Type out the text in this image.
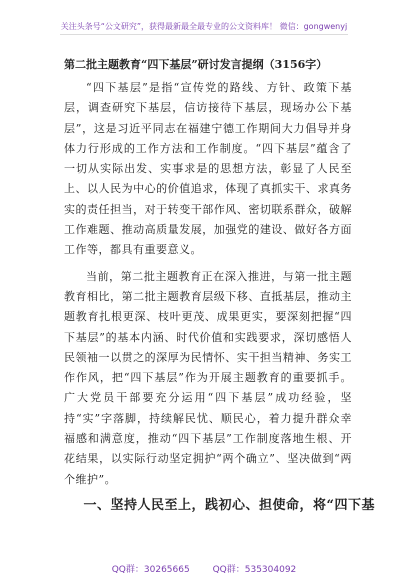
关注头条号“公文研究”，获得最新最全最专业的公文资料库！ 微信：gongwenyj
第二批主题教育“四下基层”研讨发言提纲（3156字）

“四下基层”是指“宣传党的路线、方针、政策下基层，调查研究下基层，信访接待下基层，现场办公下基层”，这是习近平同志在福建宁德工作期间大力倡导并身体力行形成的工作方法和工作制度。“四下基层”蕴含了一切从实际出发、实事求是的思想方法，彰显了人民至上、以人民为中心的价值追求，体现了真抓实干、求真务实的责任担当，对于转变干部作风、密切联系群众，破解工作难题、推动高质量发展，加强党的建设、做好各方面工作等，都具有重要意义。

当前，第二批主题教育正在深入推进，与第一批主题教育相比，第二批主题教育层级下移、直抵基层，推动主题教育扎根更深、枝叶更茂、成果更实，要深刻把握“四下基层”的基本内涵、时代价值和实践要求，深切感悟人民领袖一以贯之的深厚为民情怀、实干担当精神、务实工作作风，把“四下基层”作为开展主题教育的重要抓手。广大党员干部要充分运用“四下基层”成功经验，坚持“实”字落脚，持续解民忧、顺民心，着力提升群众幸福感和满意度，推动“四下基层”工作制度落地生根、开花结果，以实际行动坚定拥护“两个确立”、坚决做到“两个维护”。

一、坚持人民至上，践初心、担使命，将“四下基
QQ群：30265665	QQ群：535304092
